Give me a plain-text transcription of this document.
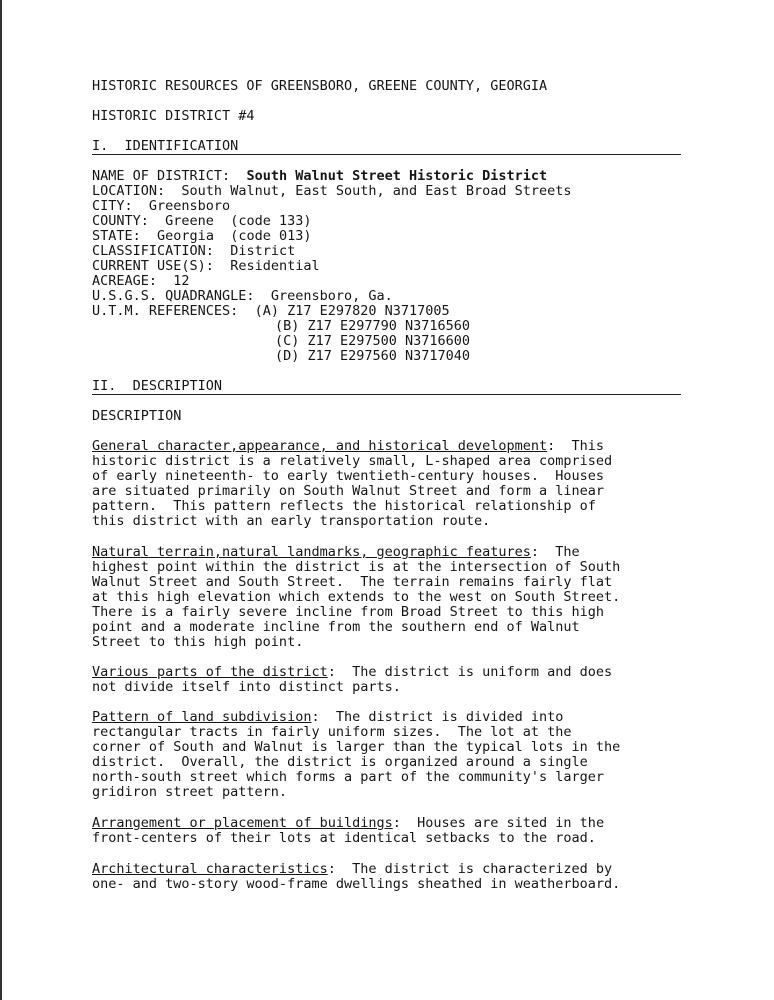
HISTORIC RESOURCES OF GREENSBORO, GREENE COUNTY, GEORGIA
HISTORIC DISTRICT #4
I.  IDENTIFICATION
NAME OF DISTRICT: South Walnut Street Historic District
LOCATION: South Walnut, East South, and East Broad Streets
CITY: Greensboro
COUNTY: Greene  (code 133)
STATE: Georgia  (code 013)
CLASSIFICATION: District
CURRENT USE(S): Residential
ACREAGE: 12
U.S.G.S. QUADRANGLE: Greensboro, Ga.
U.T.M. REFERENCES: (A) Z17 E297820 N3717005
(B) Z17 E297790 N3716560
(C) Z17 E297500 N3716600
(D) Z17 E297560 N3717040
II.  DESCRIPTION
DESCRIPTION
General character,appearance, and historical development:  This
historic district is a relatively small, L-shaped area comprised
of early nineteenth- to early twentieth-century houses.  Houses
are situated primarily on South Walnut Street and form a linear
pattern.  This pattern reflects the historical relationship of
this district with an early transportation route.
Natural terrain,natural landmarks, geographic features:  The
highest point within the district is at the intersection of South
Walnut Street and South Street.  The terrain remains fairly flat
at this high elevation which extends to the west on South Street.
There is a fairly severe incline from Broad Street to this high
point and a moderate incline from the southern end of Walnut
Street to this high point.
Various parts of the district:  The district is uniform and does
not divide itself into distinct parts.
Pattern of land subdivision:  The district is divided into
rectangular tracts in fairly uniform sizes.  The lot at the
corner of South and Walnut is larger than the typical lots in the
district.  Overall, the district is organized around a single
north-south street which forms a part of the community's larger
gridiron street pattern.
Arrangement or placement of buildings:  Houses are sited in the
front-centers of their lots at identical setbacks to the road.
Architectural characteristics:  The district is characterized by
one- and two-story wood-frame dwellings sheathed in weatherboard.
